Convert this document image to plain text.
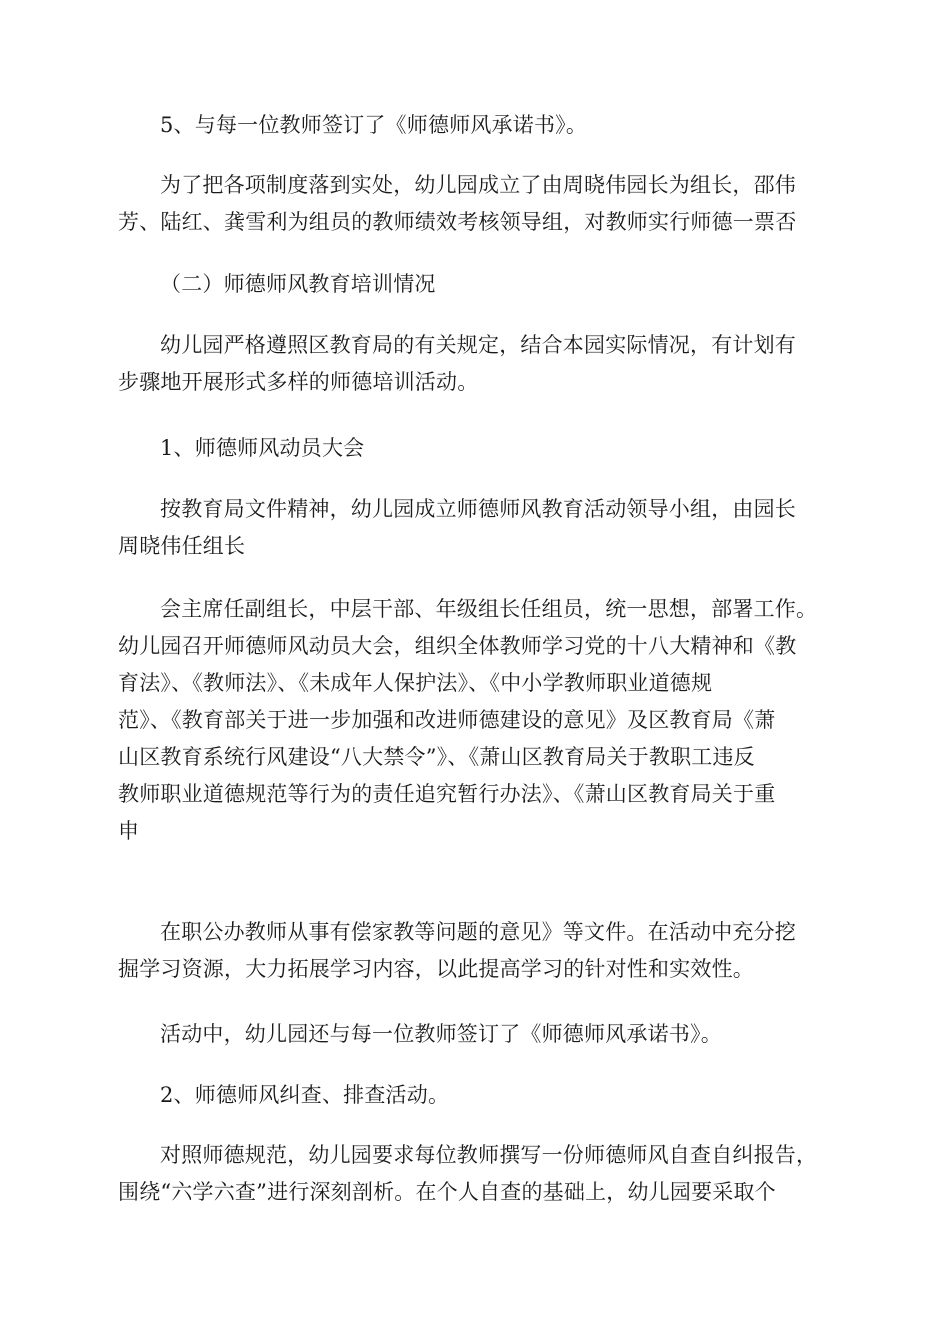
5、与每一位教师签订了《师德师风承诺书》。

为了把各项制度落到实处，幼儿园成立了由周晓伟园长为组长，邵伟
芳、陆红、龚雪利为组员的教师绩效考核领导组，对教师实行师德一票否

（二）师德师风教育培训情况

幼儿园严格遵照区教育局的有关规定，结合本园实际情况，有计划有
步骤地开展形式多样的师德培训活动。

1、师德师风动员大会

按教育局文件精神，幼儿园成立师德师风教育活动领导小组，由园长
周晓伟任组长

会主席任副组长，中层干部、年级组长任组员，统一思想，部署工作。
幼儿园召开师德师风动员大会，组织全体教师学习党的十八大精神和《教
育法》、《教师法》、《未成年人保护法》、《中小学教师职业道德规
范》、《教育部关于进一步加强和改进师德建设的意见》及区教育局《萧
山区教育系统行风建设“八大禁令”》、《萧山区教育局关于教职工违反
教师职业道德规范等行为的责任追究暂行办法》、《萧山区教育局关于重
申

在职公办教师从事有偿家教等问题的意见》等文件。在活动中充分挖
掘学习资源，大力拓展学习内容，以此提高学习的针对性和实效性。

活动中，幼儿园还与每一位教师签订了《师德师风承诺书》。

2、师德师风纠查、排查活动。

对照师德规范，幼儿园要求每位教师撰写一份师德师风自查自纠报告，
围绕“六学六查”进行深刻剖析。在个人自查的基础上，幼儿园要采取个
